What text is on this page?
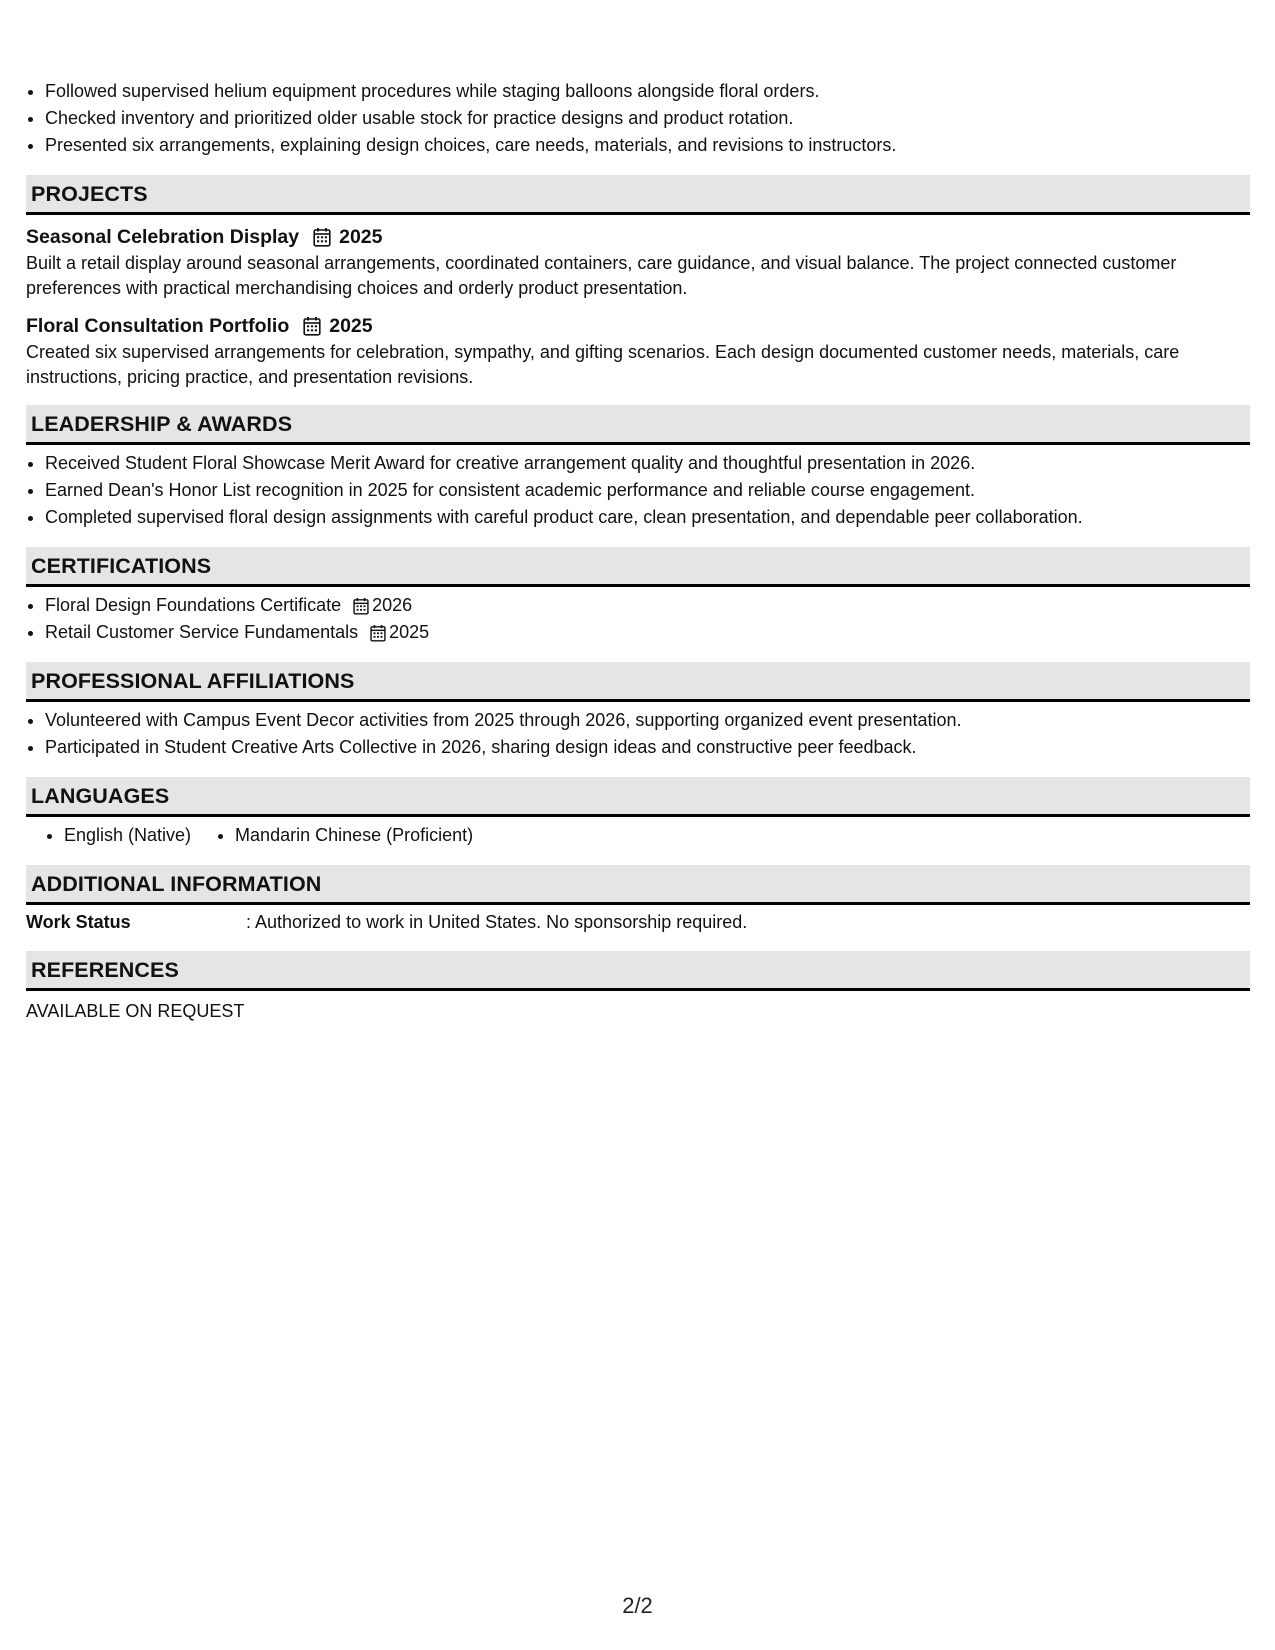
• Followed supervised helium equipment procedures while staging balloons alongside floral orders.
• Checked inventory and prioritized older usable stock for practice designs and product rotation.
• Presented six arrangements, explaining design choices, care needs, materials, and revisions to instructors.
PROJECTS
Seasonal Celebration Display 2025
Built a retail display around seasonal arrangements, coordinated containers, care guidance, and visual balance. The project connected customer preferences with practical merchandising choices and orderly product presentation.
Floral Consultation Portfolio 2025
Created six supervised arrangements for celebration, sympathy, and gifting scenarios. Each design documented customer needs, materials, care instructions, pricing practice, and presentation revisions.
LEADERSHIP & AWARDS
• Received Student Floral Showcase Merit Award for creative arrangement quality and thoughtful presentation in 2026.
• Earned Dean's Honor List recognition in 2025 for consistent academic performance and reliable course engagement.
• Completed supervised floral design assignments with careful product care, clean presentation, and dependable peer collaboration.
CERTIFICATIONS
• Floral Design Foundations Certificate 2026
• Retail Customer Service Fundamentals 2025
PROFESSIONAL AFFILIATIONS
• Volunteered with Campus Event Decor activities from 2025 through 2026, supporting organized event presentation.
• Participated in Student Creative Arts Collective in 2026, sharing design ideas and constructive peer feedback.
LANGUAGES
• English (Native)
• Mandarin Chinese (Proficient)
ADDITIONAL INFORMATION
Work Status	: Authorized to work in United States. No sponsorship required.
REFERENCES
AVAILABLE ON REQUEST
2/2
